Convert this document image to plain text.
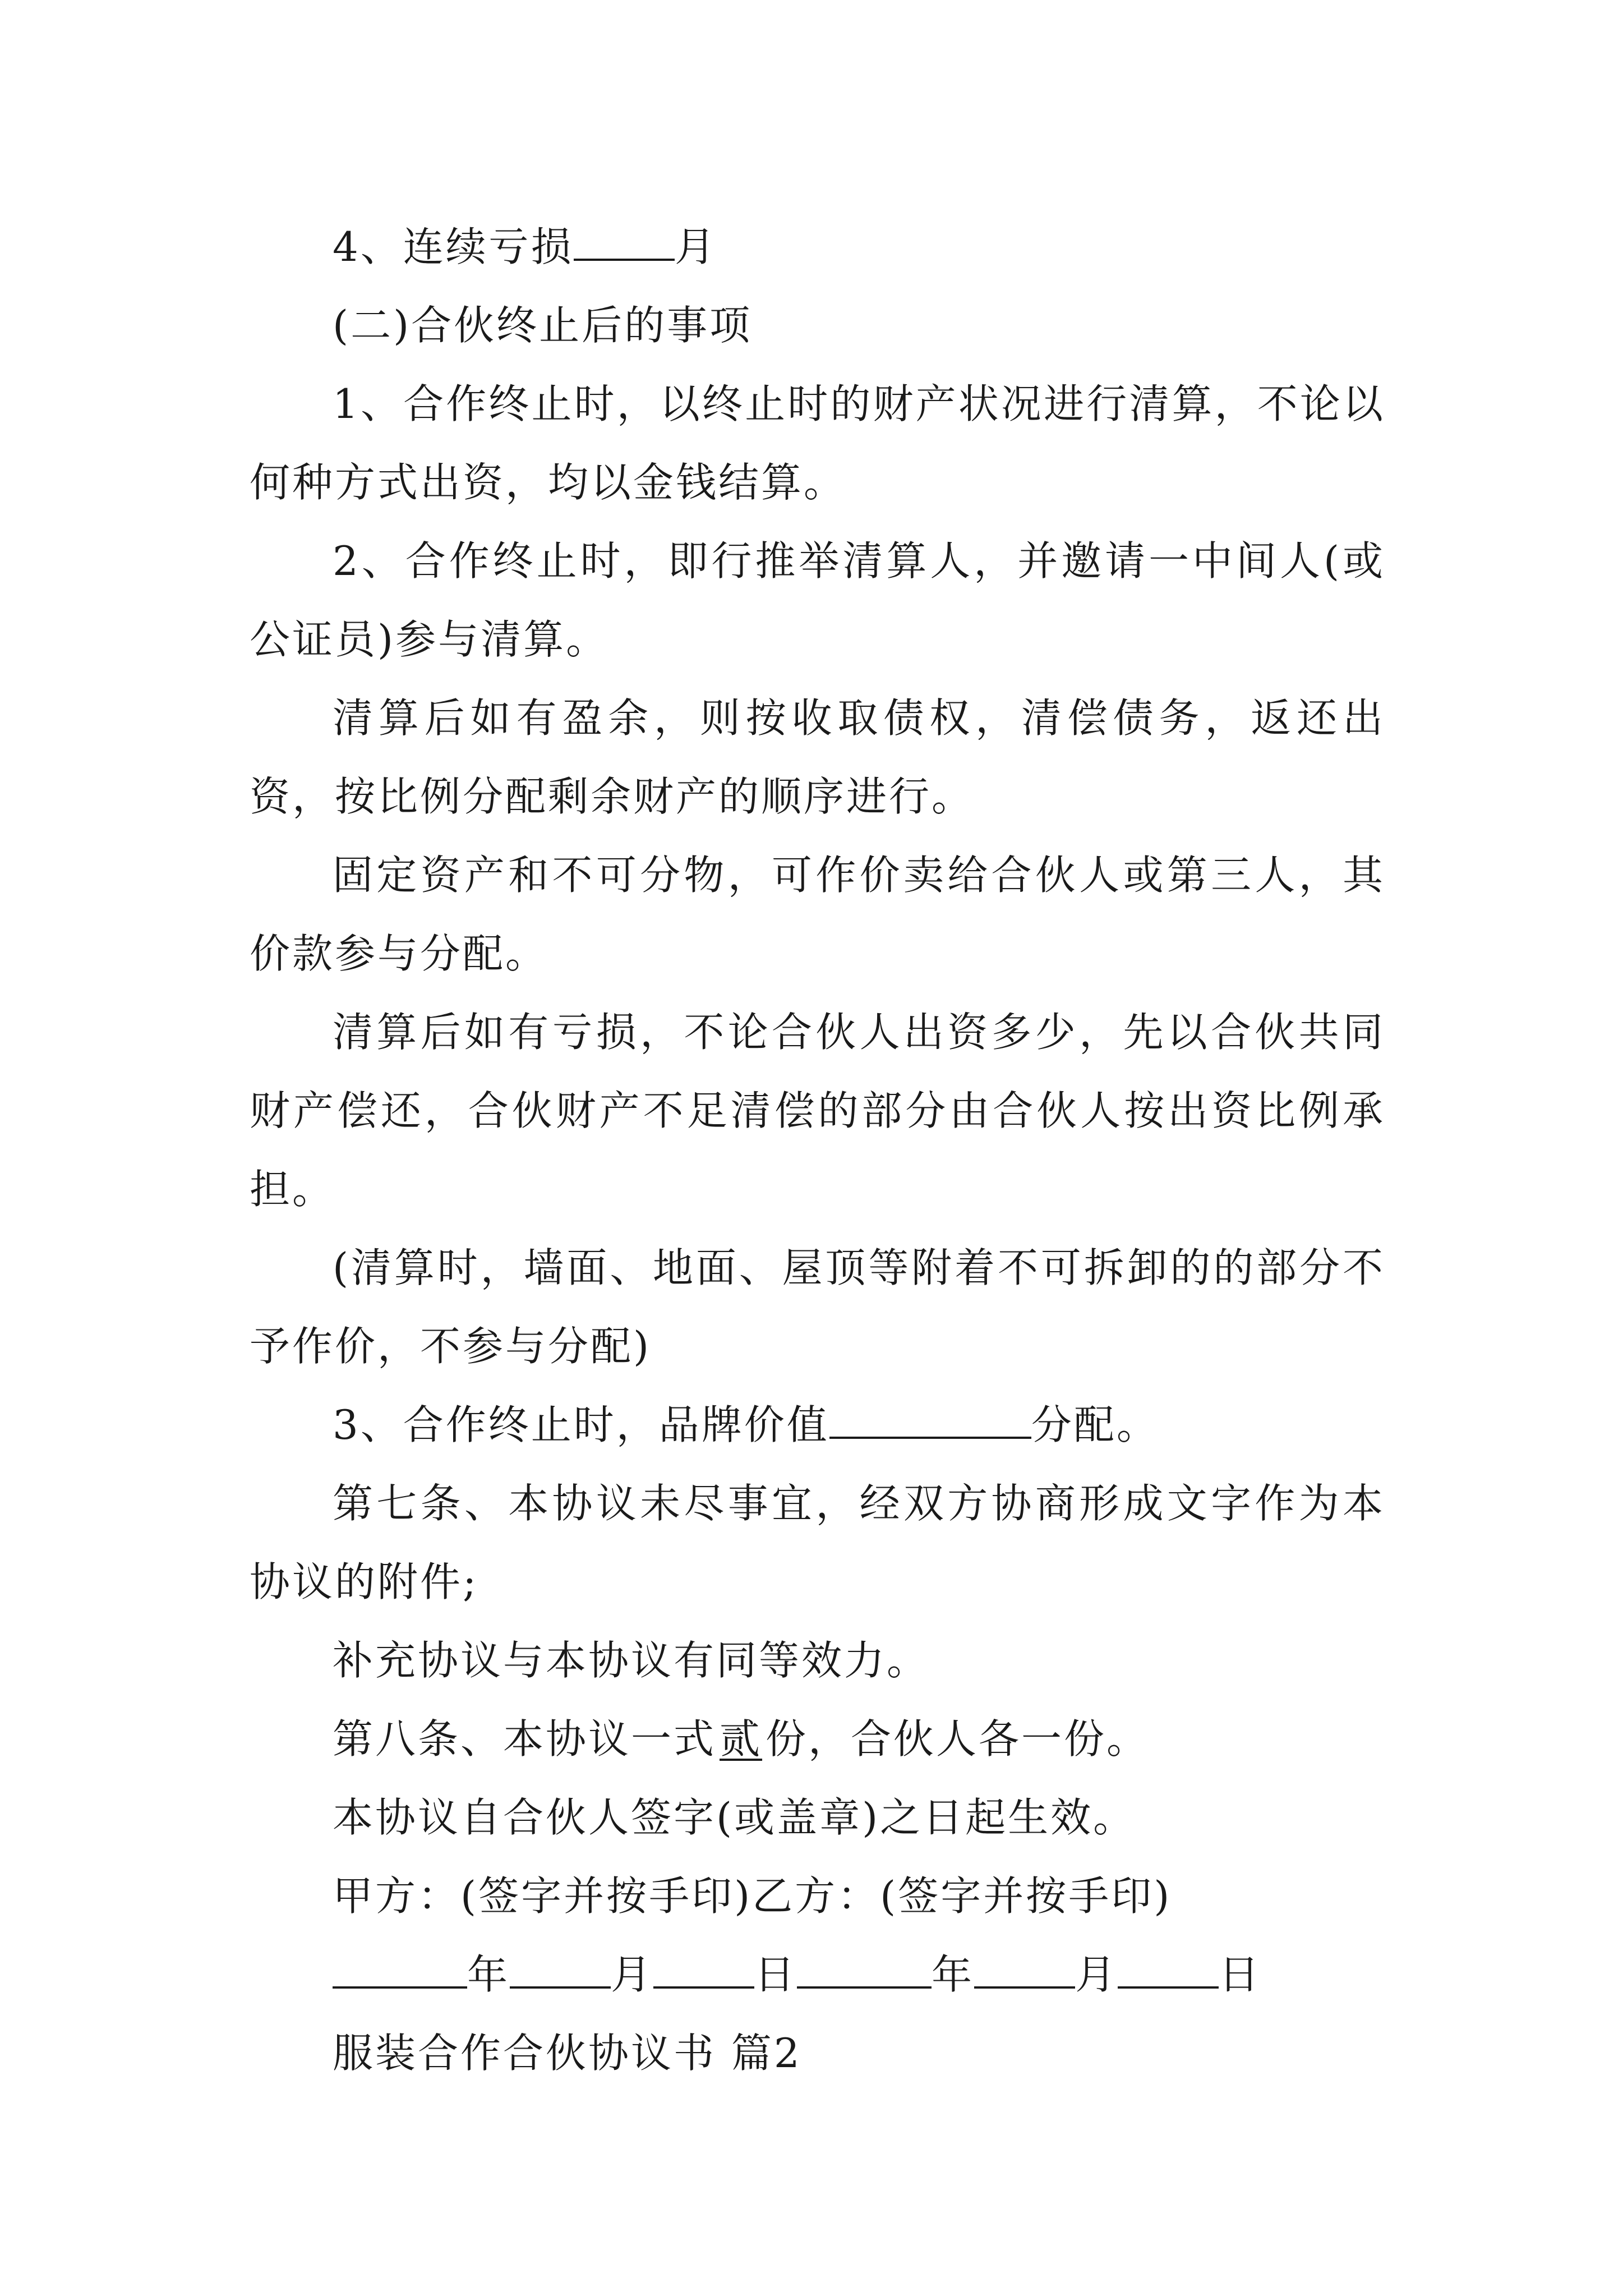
4、连续亏损	月

(二)合伙终止后的事项

1、合作终止时，以终止时的财产状况进行清算，不论以何种方式出资，均以金钱结算。

2、合作终止时，即行推举清算人，并邀请一中间人(或公证员)参与清算。

清算后如有盈余，则按收取债权，清偿债务，返还出资，按比例分配剩余财产的顺序进行。

固定资产和不可分物，可作价卖给合伙人或第三人，其价款参与分配。

清算后如有亏损，不论合伙人出资多少，先以合伙共同财产偿还，合伙财产不足清偿的部分由合伙人按出资比例承担。

(清算时，墙面、地面、屋顶等附着不可拆卸的的部分不予作价，不参与分配)

3、合作终止时，品牌价值	分配。

第七条、本协议未尽事宜，经双方协商形成文字作为本协议的附件;

补充协议与本协议有同等效力。

第八条、本协议一式贰份，合伙人各一份。

本协议自合伙人签字(或盖章)之日起生效。

甲方：(签字并按手印)乙方：(签字并按手印)

年	月	日	年	月	日

服装合作合伙协议书 篇2
